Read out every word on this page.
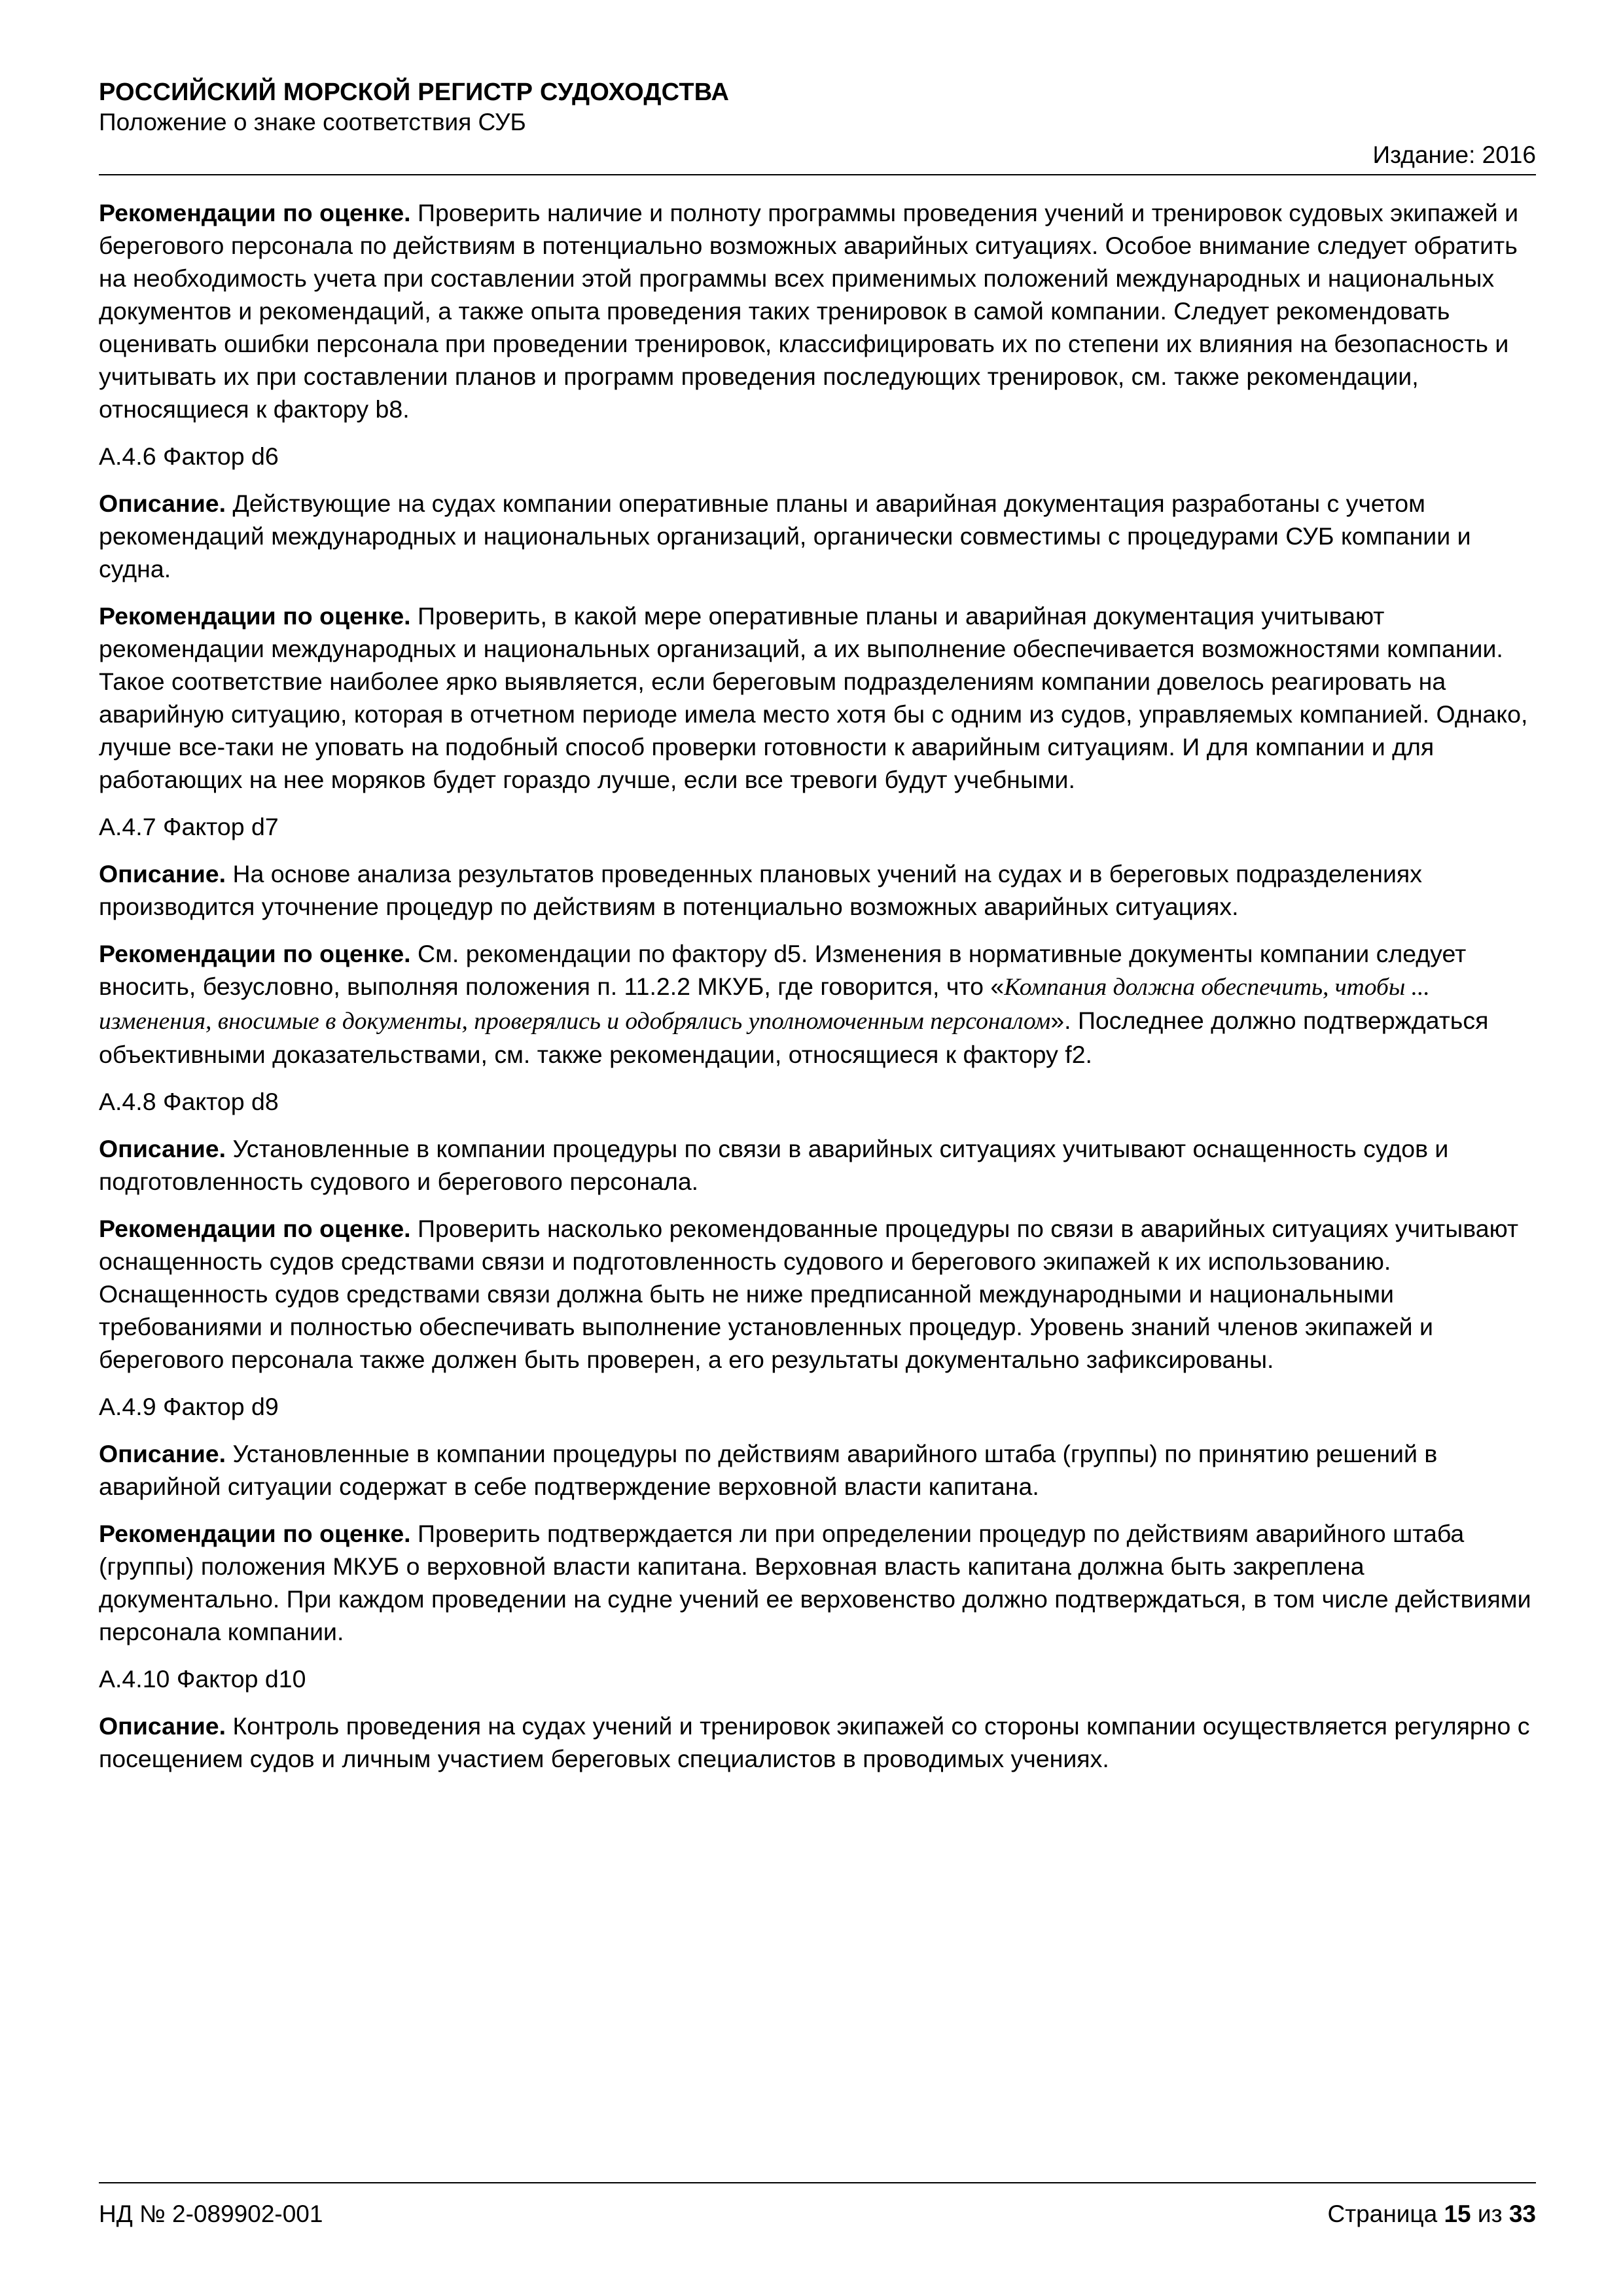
РОССИЙСКИЙ МОРСКОЙ РЕГИСТР СУДОХОДСТВА
Положение о знаке соответствия СУБ
Издание: 2016

Рекомендации по оценке. Проверить наличие и полноту программы проведения учений и тренировок судовых экипажей и берегового персонала по действиям в потенциально возможных аварийных ситуациях. Особое внимание следует обратить на необходимость учета при составлении этой программы всех применимых положений международных и национальных документов и рекомендаций, а также опыта проведения таких тренировок в самой компании. Следует рекомендовать оценивать ошибки персонала при проведении тренировок, классифицировать их по степени их влияния на безопасность и учитывать их при составлении планов и программ проведения последующих тренировок, см. также рекомендации, относящиеся к фактору b8.

А.4.6 Фактор d6

Описание. Действующие на судах компании оперативные планы и аварийная документация разработаны с учетом рекомендаций международных и национальных организаций, органически совместимы с процедурами СУБ компании и судна.

Рекомендации по оценке. Проверить, в какой мере оперативные планы и аварийная документация учитывают рекомендации международных и национальных организаций, а их выполнение обеспечивается возможностями компании. Такое соответствие наиболее ярко выявляется, если береговым подразделениям компании довелось реагировать на аварийную ситуацию, которая в отчетном периоде имела место хотя бы с одним из судов, управляемых компанией. Однако, лучше все-таки не уповать на подобный способ проверки готовности к аварийным ситуациям. И для компании и для работающих на нее моряков будет гораздо лучше, если все тревоги будут учебными.

А.4.7 Фактор d7

Описание. На основе анализа результатов проведенных плановых учений на судах и в береговых подразделениях производится уточнение процедур по действиям в потенциально возможных аварийных ситуациях.

Рекомендации по оценке. См. рекомендации по фактору d5. Изменения в нормативные документы компании следует вносить, безусловно, выполняя положения п. 11.2.2 МКУБ, где говорится, что «Компания должна обеспечить, чтобы ... изменения, вносимые в документы, проверялись и одобрялись уполномоченным персоналом». Последнее должно подтверждаться объективными доказательствами, см. также рекомендации, относящиеся к фактору f2.

А.4.8 Фактор d8

Описание. Установленные в компании процедуры по связи в аварийных ситуациях учитывают оснащенность судов и подготовленность судового и берегового персонала.

Рекомендации по оценке. Проверить насколько рекомендованные процедуры по связи в аварийных ситуациях учитывают оснащенность судов средствами связи и подготовленность судового и берегового экипажей к их использованию. Оснащенность судов средствами связи должна быть не ниже предписанной международными и национальными требованиями и полностью обеспечивать выполнение установленных процедур. Уровень знаний членов экипажей и берегового персонала также должен быть проверен, а его результаты документально зафиксированы.

А.4.9 Фактор d9

Описание. Установленные в компании процедуры по действиям аварийного штаба (группы) по принятию решений в аварийной ситуации содержат в себе подтверждение верховной власти капитана.

Рекомендации по оценке. Проверить подтверждается ли при определении процедур по действиям аварийного штаба (группы) положения МКУБ о верховной власти капитана. Верховная власть капитана должна быть закреплена документально. При каждом проведении на судне учений ее верховенство должно подтверждаться, в том числе действиями персонала компании.

А.4.10 Фактор d10

Описание. Контроль проведения на судах учений и тренировок экипажей со стороны компании осуществляется регулярно с посещением судов и личным участием береговых специалистов в проводимых учениях.

НД № 2-089902-001	Страница 15 из 33
